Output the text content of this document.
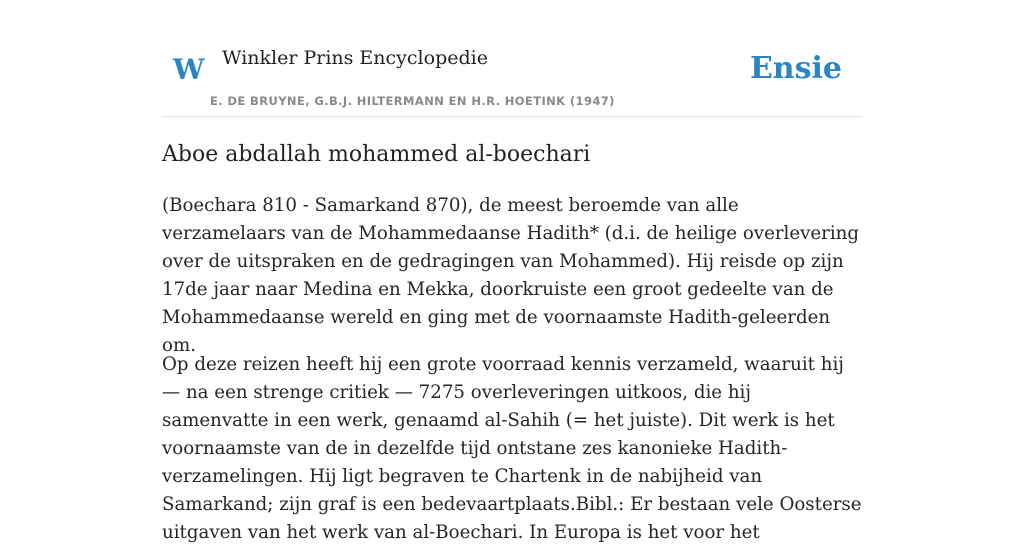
W Winkler Prins Encyclopedie
E. DE BRUYNE, G.B.J. HILTERMANN EN H.R. HOETINK (1947)
Ensie
Aboe abdallah mohammed al-boechari

(Boechara 810 - Samarkand 870), de meest beroemde van alle verzamelaars van de Mohammedaanse Hadith* (d.i. de heilige overlevering over de uitspraken en de gedragingen van Mohammed). Hij reisde op zijn 17de jaar naar Medina en Mekka, doorkruiste een groot gedeelte van de Mohammedaanse wereld en ging met de voornaamste Hadith-geleerden om.

Op deze reizen heeft hij een grote voorraad kennis verzameld, waaruit hij — na een strenge critiek — 7275 overleveringen uitkoos, die hij samenvatte in een werk, genaamd al-Sahih (= het juiste). Dit werk is het voornaamste van de in dezelfde tijd ontstane zes kanonieke Hadith-verzamelingen. Hij ligt begraven te Chartenk in de nabijheid van Samarkand; zijn graf is een bedevaartplaats.Bibl.: Er bestaan vele Oosterse uitgaven van het werk van al-Boechari. In Europa is het voor het
